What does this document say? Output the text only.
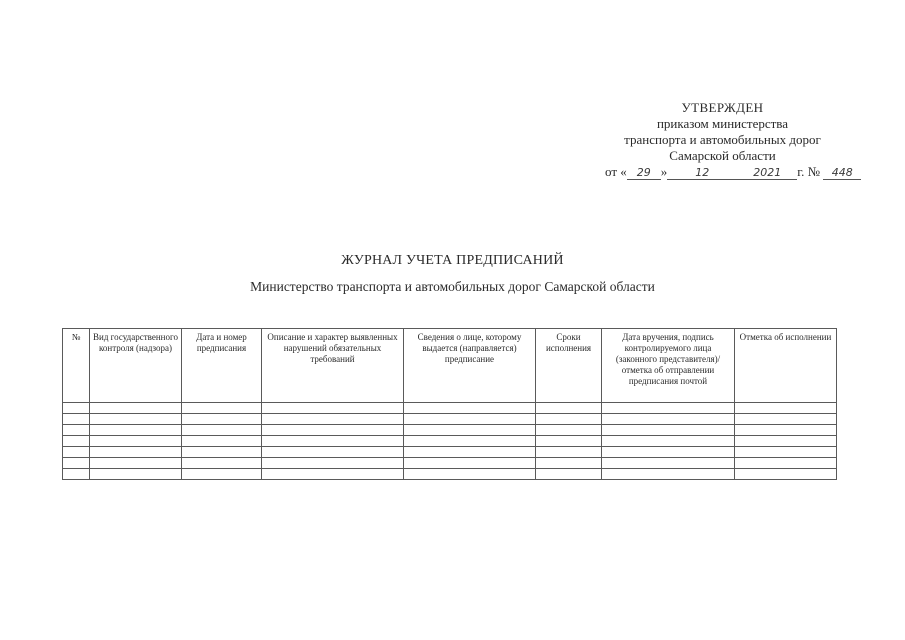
УТВЕРЖДЕН
приказом министерства
транспорта и автомобильных дорог
Самарской области
от « 29 »	12	2021 г. № 448
ЖУРНАЛ УЧЕТА ПРЕДПИСАНИЙ
Министерство транспорта и автомобильных дорог Самарской области
№	Вид государственного контроля (надзора)	Дата и номер предписания	Описание и характер выявленных нарушений обязательных требований	Сведения о лице, которому выдается (направляется) предписание	Сроки исполнения	Дата вручения, подпись контролируемого лица (законного представителя)/отметка об отправлении предписания почтой	Отметка об исполнении
